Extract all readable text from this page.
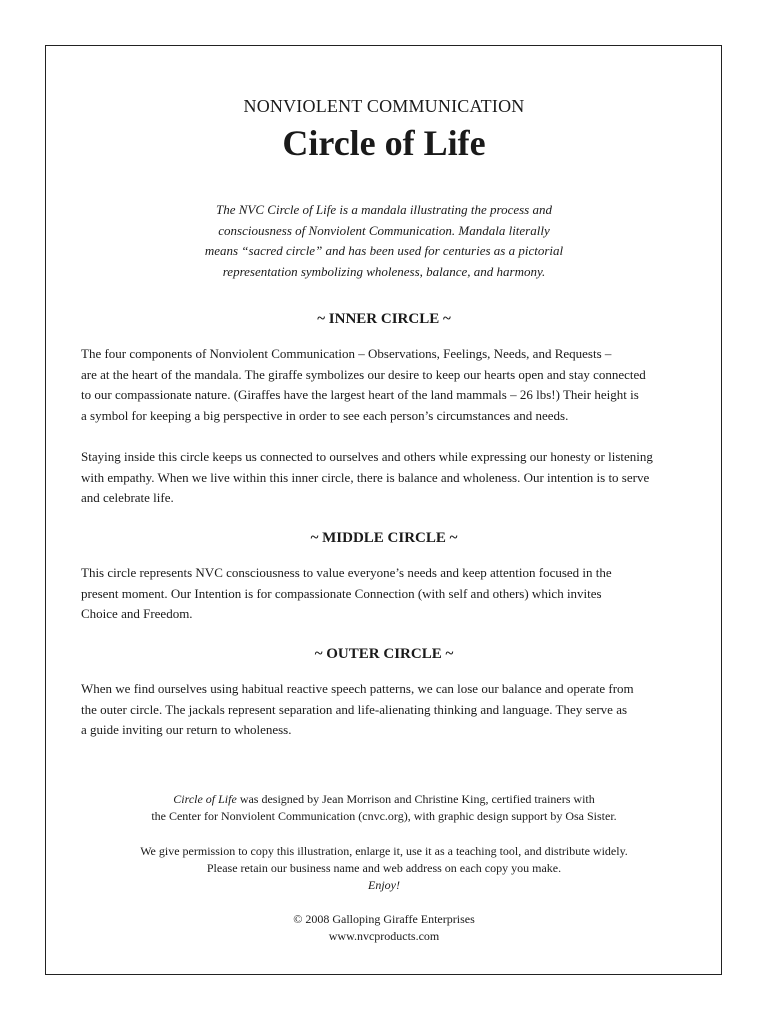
NONVIOLENT COMMUNICATION
Circle of Life
The NVC Circle of Life is a mandala illustrating the process and
consciousness of Nonviolent Communication. Mandala literally
means “sacred circle” and has been used for centuries as a pictorial
representation symbolizing wholeness, balance, and harmony.
~ INNER CIRCLE ~
The four components of Nonviolent Communication – Observations, Feelings, Needs, and Requests –
are at the heart of the mandala. The giraffe symbolizes our desire to keep our hearts open and stay connected
to our compassionate nature. (Giraffes have the largest heart of the land mammals – 26 lbs!) Their height is
a symbol for keeping a big perspective in order to see each person’s circumstances and needs.
Staying inside this circle keeps us connected to ourselves and others while expressing our honesty or listening
with empathy. When we live within this inner circle, there is balance and wholeness. Our intention is to serve
and celebrate life.
~ MIDDLE CIRCLE ~
This circle represents NVC consciousness to value everyone’s needs and keep attention focused in the
present moment. Our Intention is for compassionate Connection (with self and others) which invites
Choice and Freedom.
~ OUTER CIRCLE ~
When we find ourselves using habitual reactive speech patterns, we can lose our balance and operate from
the outer circle. The jackals represent separation and life-alienating thinking and language. They serve as
a guide inviting our return to wholeness.

Circle of Life was designed by Jean Morrison and Christine King, certified trainers with

the Center for Nonviolent Communication (cnvc.org), with graphic design support by Osa Sister.

We give permission to copy this illustration, enlarge it, use it as a teaching tool, and distribute widely.

Please retain our business name and web address on each copy you make.

Enjoy!

© 2008 Galloping Giraffe Enterprises

www.nvcproducts.com
